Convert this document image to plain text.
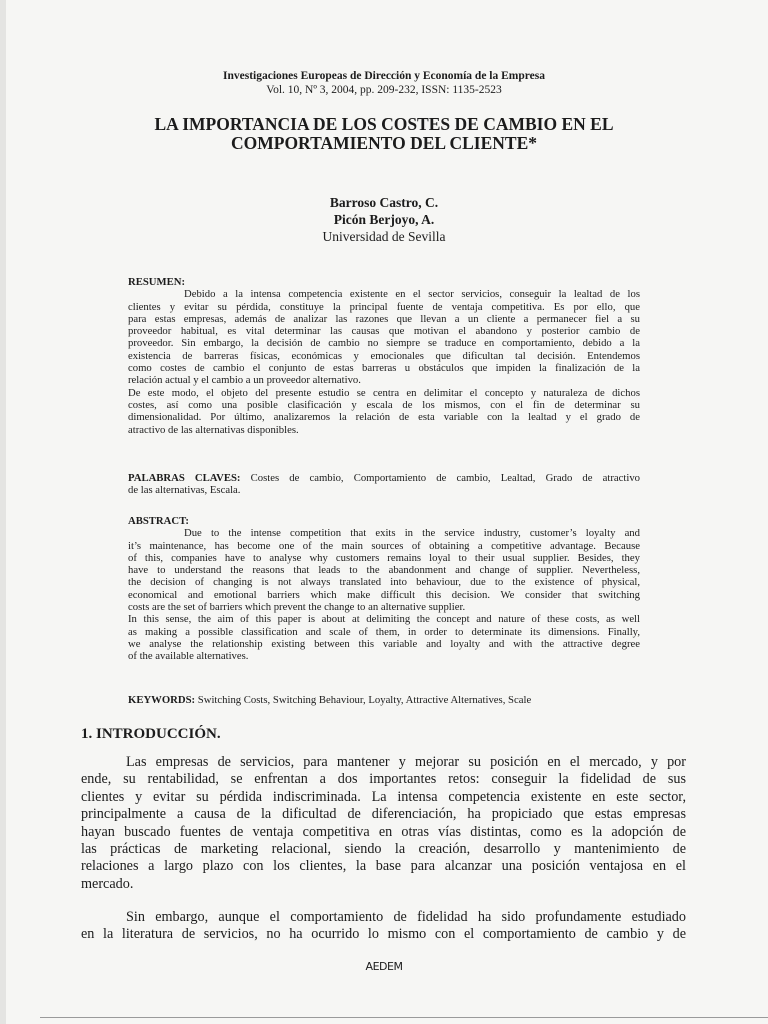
Investigaciones Europeas de Dirección y Economía de la Empresa
Vol. 10, Nº 3, 2004, pp. 209-232, ISSN: 1135-2523
LA IMPORTANCIA DE LOS COSTES DE CAMBIO EN EL
COMPORTAMIENTO DEL CLIENTE*
Barroso Castro, C.
Picón Berjoyo, A.
Universidad de Sevilla
RESUMEN:
Debido a la intensa competencia existente en el sector servicios, conseguir la lealtad de los
clientes y evitar su pérdida, constituye la principal fuente de ventaja competitiva. Es por ello, que
para estas empresas, además de analizar las razones que llevan a un cliente a permanecer fiel a su
proveedor habitual, es vital determinar las causas que motivan el abandono y posterior cambio de
proveedor. Sin embargo, la decisión de cambio no siempre se traduce en comportamiento, debido a la
existencia de barreras físicas, económicas y emocionales que dificultan tal decisión. Entendemos
como costes de cambio el conjunto de estas barreras u obstáculos que impiden la finalización de la
relación actual y el cambio a un proveedor alternativo.
De este modo, el objeto del presente estudio se centra en delimitar el concepto y naturaleza de dichos
costes, así como una posible clasificación y escala de los mismos, con el fin de determinar su
dimensionalidad. Por último, analizaremos la relación de esta variable con la lealtad y el grado de
atractivo de las alternativas disponibles.
PALABRAS CLAVES: Costes de cambio, Comportamiento de cambio, Lealtad, Grado de atractivo
de las alternativas, Escala.
ABSTRACT:
Due to the intense competition that exits in the service industry, customer’s loyalty and
it’s maintenance, has become one of the main sources of obtaining a competitive advantage. Because
of this, companies have to analyse why customers remains loyal to their usual supplier. Besides, they
have to understand the reasons that leads to the abandonment and change of supplier. Nevertheless,
the decision of changing is not always translated into behaviour, due to the existence of physical,
economical and emotional barriers which make difficult this decision. We consider that switching
costs are the set of barriers which prevent the change to an alternative supplier.
In this sense, the aim of this paper is about at delimiting the concept and nature of these costs, as well
as making a possible classification and scale of them, in order to determinate its dimensions. Finally,
we analyse the relationship existing between this variable and loyalty and with the attractive degree
of the available alternatives.
KEYWORDS: Switching Costs, Switching Behaviour, Loyalty, Attractive Alternatives, Scale
1. INTRODUCCIÓN.
Las empresas de servicios, para mantener y mejorar su posición en el mercado, y por
ende, su rentabilidad, se enfrentan a dos importantes retos: conseguir la fidelidad de sus
clientes y evitar su pérdida indiscriminada. La intensa competencia existente en este sector,
principalmente a causa de la dificultad de diferenciación, ha propiciado que estas empresas
hayan buscado fuentes de ventaja competitiva en otras vías distintas, como es la adopción de
las prácticas de marketing relacional, siendo la creación, desarrollo y mantenimiento de
relaciones a largo plazo con los clientes, la base para alcanzar una posición ventajosa en el
mercado.
Sin embargo, aunque el comportamiento de fidelidad ha sido profundamente estudiado
en la literatura de servicios, no ha ocurrido lo mismo con el comportamiento de cambio y de
AEDEM
